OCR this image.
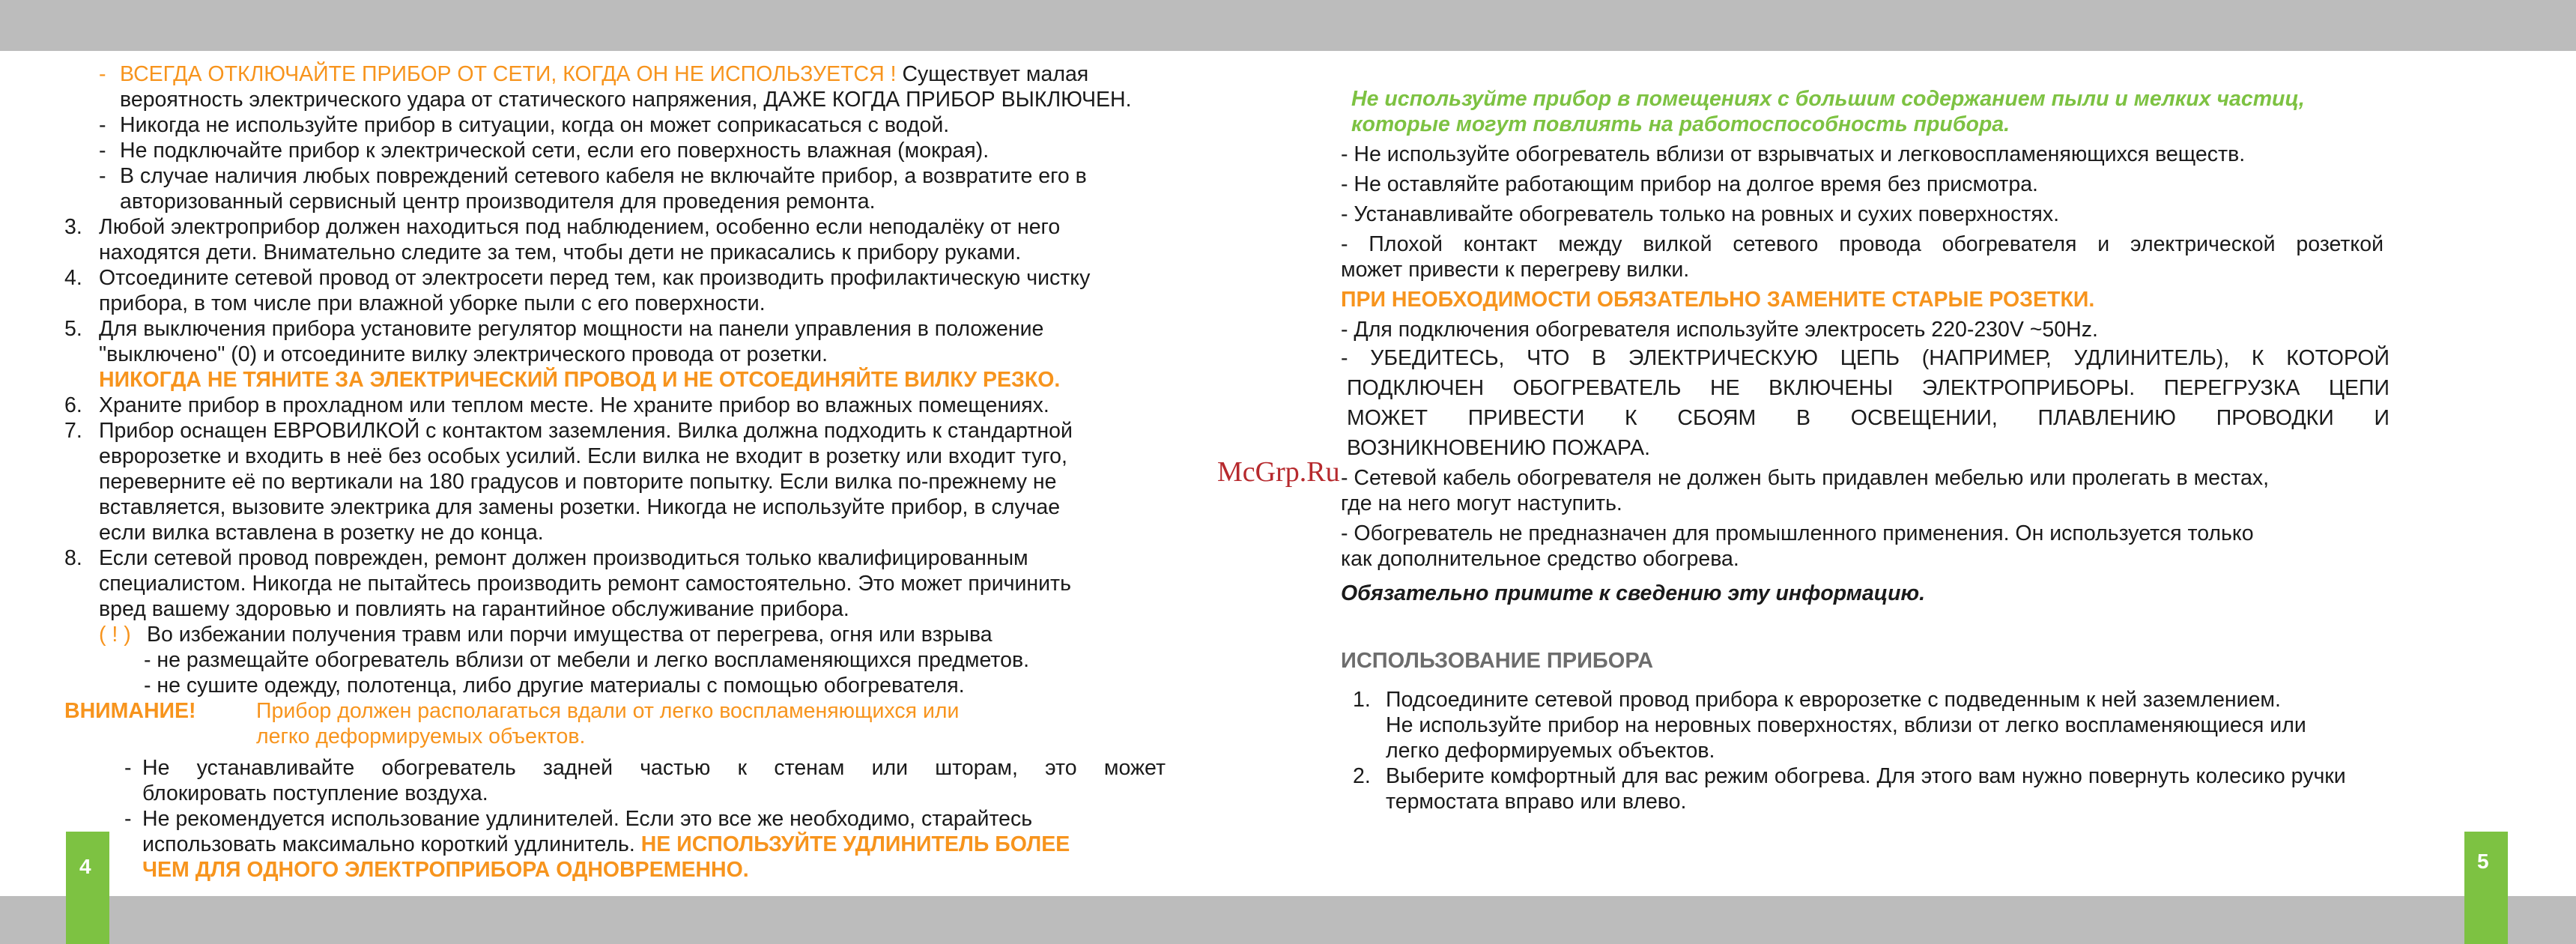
4	5
- ВСЕГДА ОТКЛЮЧАЙТЕ ПРИБОР ОТ СЕТИ, КОГДА ОН НЕ ИСПОЛЬЗУЕТСЯ ! Существует малая
вероятность электрического удара от статического напряжения, ДАЖЕ КОГДА ПРИБОР ВЫКЛЮЧЕН.
- Никогда не используйте прибор в ситуации, когда он может соприкасаться с водой.
- Не подключайте прибор к электрической сети, если его поверхность влажная (мокрая).
- В случае наличия любых повреждений сетевого кабеля не включайте прибор, а возвратите его в
авторизованный сервисный центр производителя для проведения ремонта.
3. Любой электроприбор должен находиться под наблюдением, особенно если неподалёку от него
находятся дети. Внимательно следите за тем, чтобы дети не прикасались к прибору руками.
4. Отсоедините сетевой провод от электросети перед тем, как производить профилактическую чистку
прибора, в том числе при влажной уборке пыли с его поверхности.
5. Для выключения прибора установите регулятор мощности на панели управления в положение
"выключено" (0) и отсоедините вилку электрического провода от розетки.
НИКОГДА НЕ ТЯНИТЕ ЗА ЭЛЕКТРИЧЕСКИЙ ПРОВОД И НЕ ОТСОЕДИНЯЙТЕ ВИЛКУ РЕЗКО.
6. Храните прибор в прохладном или теплом месте. Не храните прибор во влажных помещениях.
7. Прибор оснащен ЕВРОВИЛКОЙ с контактом заземления. Вилка должна подходить к стандартной
евророзетке и входить в неё без особых усилий. Если вилка не входит в розетку или входит туго,
переверните её по вертикали на 180 градусов и повторите попытку. Если вилка по-прежнему не
вставляется, вызовите электрика для замены розетки. Никогда не используйте прибор, в случае
если вилка вставлена в розетку не до конца.
8. Если сетевой провод поврежден, ремонт должен производиться только квалифицированным
специалистом. Никогда не пытайтесь производить ремонт самостоятельно. Это может причинить
вред вашему здоровью и повлиять на гарантийное обслуживание прибора.
( ! ) Во избежании получения травм или порчи имущества от перегрева, огня или взрыва
- не размещайте обогреватель вблизи от мебели и легко воспламеняющихся предметов.
- не сушите одежду, полотенца, либо другие материалы с помощью обогревателя.
ВНИМАНИЕ!	Прибор должен располагаться вдали от легко воспламеняющихся или
легко деформируемых объектов.
- Не устанавливайте обогреватель задней частью к стенам или шторам, это может
блокировать поступление воздуха.
- Не рекомендуется использование удлинителей. Если это все же необходимо, старайтесь
использовать максимально короткий удлинитель. НЕ ИСПОЛЬЗУЙТЕ УДЛИНИТЕЛЬ БОЛЕЕ
ЧЕМ ДЛЯ ОДНОГО ЭЛЕКТРОПРИБОРА ОДНОВРЕМЕННО.
Не используйте прибор в помещениях с большим содержанием пыли и мелких частиц,
которые могут повлиять на работоспособность прибора.
- Не используйте обогреватель вблизи от взрывчатых и легковоспламеняющихся веществ.
- Не оставляйте работающим прибор на долгое время без присмотра.
- Устанавливайте обогреватель только на ровных и сухих поверхностях.
- Плохой контакт между вилкой сетевого провода обогревателя и электрической розеткой
может привести к перегреву вилки.
ПРИ НЕОБХОДИМОСТИ ОБЯЗАТЕЛЬНО ЗАМЕНИТЕ СТАРЫЕ РОЗЕТКИ.
- Для подключения обогревателя используйте электросеть 220-230V ~50Hz.
- УБЕДИТЕСЬ, ЧТО В ЭЛЕКТРИЧЕСКУЮ ЦЕПЬ (НАПРИМЕР, УДЛИНИТЕЛЬ), К КОТОРОЙ
ПОДКЛЮЧЕН ОБОГРЕВАТЕЛЬ НЕ ВКЛЮЧЕНЫ ЭЛЕКТРОПРИБОРЫ. ПЕРЕГРУЗКА ЦЕПИ
МОЖЕТ ПРИВЕСТИ К СБОЯМ В ОСВЕЩЕНИИ, ПЛАВЛЕНИЮ ПРОВОДКИ И
ВОЗНИКНОВЕНИЮ ПОЖАРА.
- Сетевой кабель обогревателя не должен быть придавлен мебелью или пролегать в местах,
где на него могут наступить.
- Обогреватель не предназначен для промышленного применения. Он используется только
как дополнительное средство обогрева.
Обязательно примите к сведению эту информацию.
ИСПОЛЬЗОВАНИЕ ПРИБОРА
1. Подсоедините сетевой провод прибора к евророзетке с подведенным к ней заземлением.
Не используйте прибор на неровных поверхностях, вблизи от легко воспламеняющиеся или
легко деформируемых объектов.
2. Выберите комфортный для вас режим обогрева. Для этого вам нужно повернуть колесико ручки
термостата вправо или влево.
McGrp.Ru
